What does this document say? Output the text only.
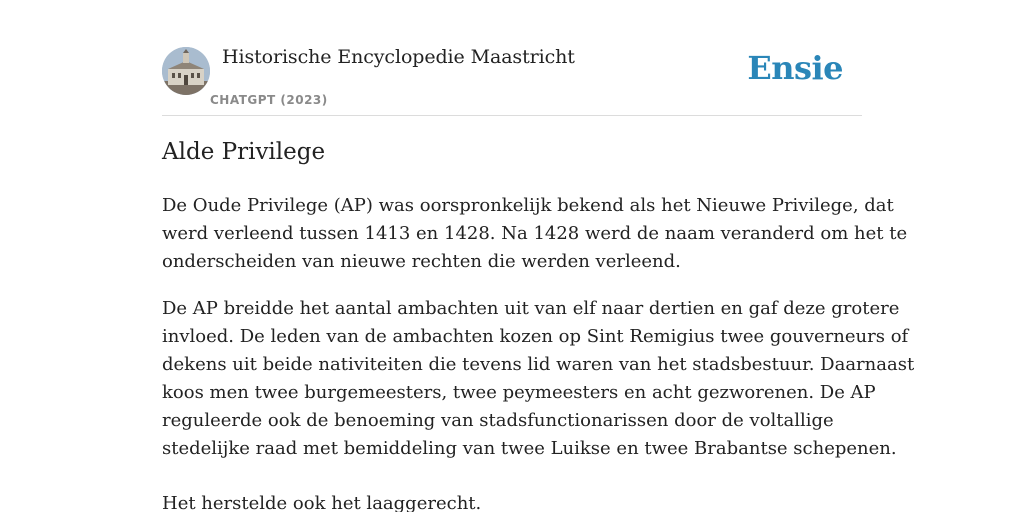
Historische Encyclopedie Maastricht
CHATGPT (2023)
Ensie
Alde Privilege

De Oude Privilege (AP) was oorspronkelijk bekend als het Nieuwe Privilege, dat
werd verleend tussen 1413 en 1428. Na 1428 werd de naam veranderd om het te
onderscheiden van nieuwe rechten die werden verleend.

De AP breidde het aantal ambachten uit van elf naar dertien en gaf deze grotere
invloed. De leden van de ambachten kozen op Sint Remigius twee gouverneurs of
dekens uit beide nativiteiten die tevens lid waren van het stadsbestuur. Daarnaast
koos men twee burgemeesters, twee peymeesters en acht gezworenen. De AP
reguleerde ook de benoeming van stadsfunctionarissen door de voltallige
stedelijke raad met bemiddeling van twee Luikse en twee Brabantse schepenen.

Het herstelde ook het laaggerecht.
